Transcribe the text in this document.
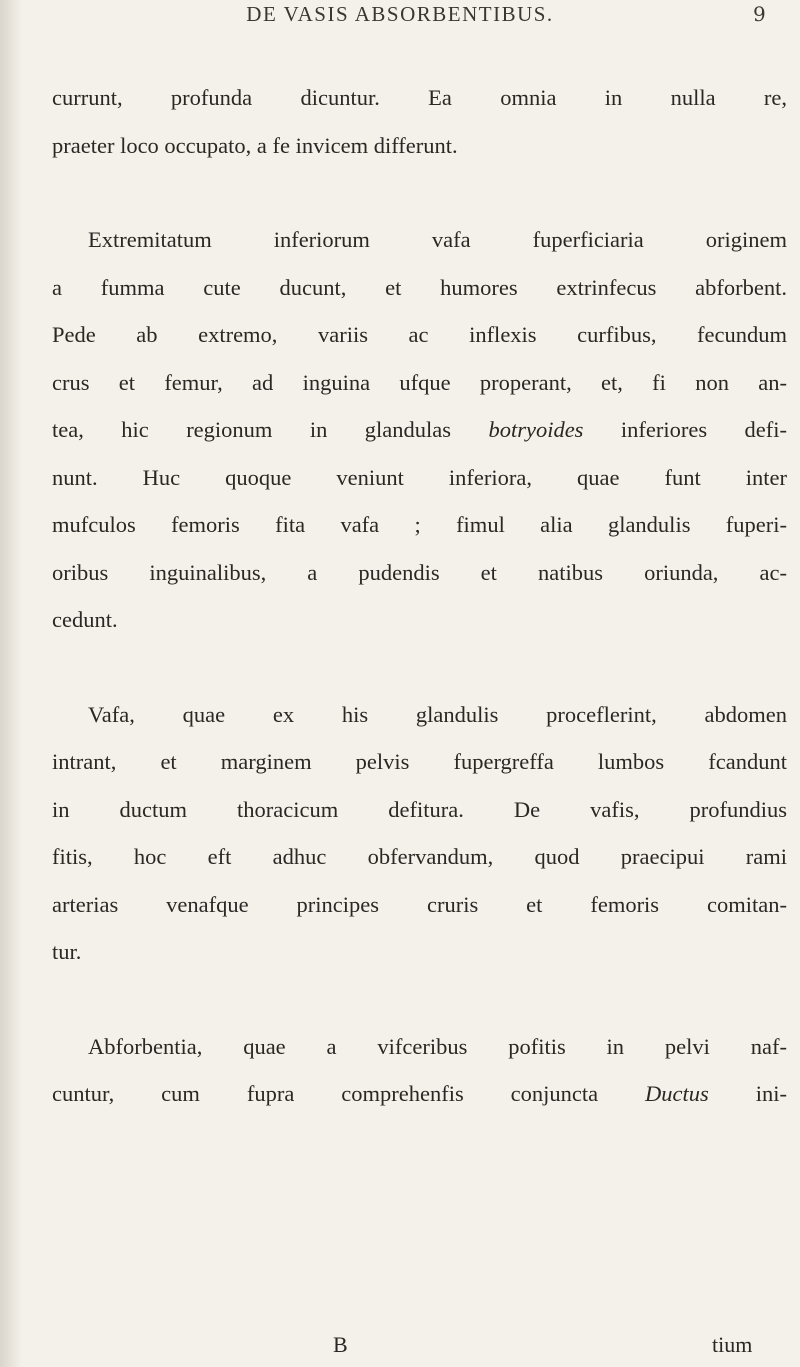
DE VASIS ABSORBENTIBUS.	9

currunt, profunda dicuntur. Ea omnia in nulla re,

praeter loco occupato, a fe invicem differunt.

Extremitatum inferiorum vafa fuperficiaria originem

a fumma cute ducunt, et humores extrinfecus abforbent.

Pede ab extremo, variis ac inflexis curfibus, fecundum

crus et femur, ad inguina ufque properant, et, fi non an-

tea, hic regionum in glandulas botryoides inferiores defi-

nunt. Huc quoque veniunt inferiora, quae funt inter

mufculos femoris fita vafa ; fimul alia glandulis fuperi-

oribus inguinalibus, a pudendis et natibus oriunda, ac-

cedunt.

Vafa, quae ex his glandulis proceflerint, abdomen

intrant, et marginem pelvis fupergreffa lumbos fcandunt

in ductum thoracicum defitura. De vafis, profundius

fitis, hoc eft adhuc obfervandum, quod praecipui rami

arterias venafque principes cruris et femoris comitan-

tur.

Abforbentia, quae a vifceribus pofitis in pelvi naf-

cuntur, cum fupra comprehenfis conjuncta Ductus ini-

B	tium
